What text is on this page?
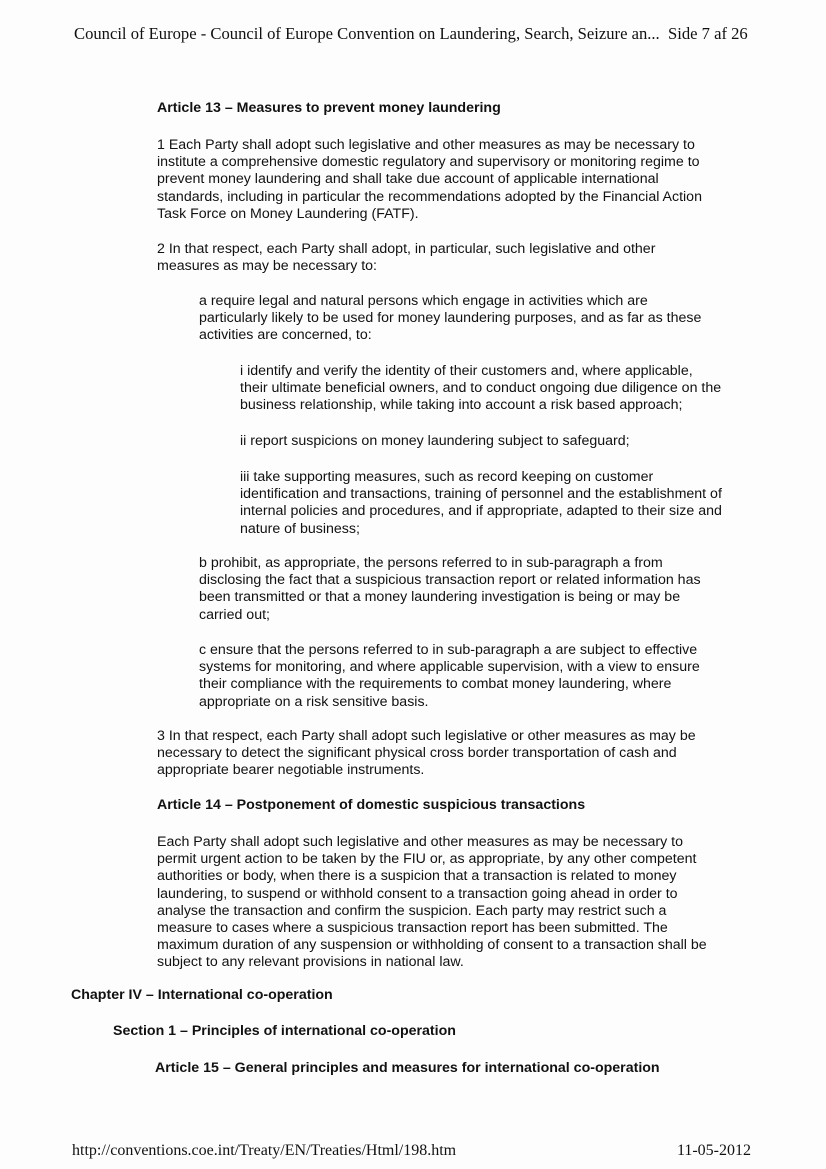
Council of Europe - Council of Europe Convention on Laundering, Search, Seizure an... Side 7 af 26
Article 13 – Measures to prevent money laundering
1 Each Party shall adopt such legislative and other measures as may be necessary to
institute a comprehensive domestic regulatory and supervisory or monitoring regime to
prevent money laundering and shall take due account of applicable international
standards, including in particular the recommendations adopted by the Financial Action
Task Force on Money Laundering (FATF).
2 In that respect, each Party shall adopt, in particular, such legislative and other
measures as may be necessary to:
a require legal and natural persons which engage in activities which are
particularly likely to be used for money laundering purposes, and as far as these
activities are concerned, to:
i identify and verify the identity of their customers and, where applicable,
their ultimate beneficial owners, and to conduct ongoing due diligence on the
business relationship, while taking into account a risk based approach;
ii report suspicions on money laundering subject to safeguard;
iii take supporting measures, such as record keeping on customer
identification and transactions, training of personnel and the establishment of
internal policies and procedures, and if appropriate, adapted to their size and
nature of business;
b prohibit, as appropriate, the persons referred to in sub-paragraph a from
disclosing the fact that a suspicious transaction report or related information has
been transmitted or that a money laundering investigation is being or may be
carried out;
c ensure that the persons referred to in sub-paragraph a are subject to effective
systems for monitoring, and where applicable supervision, with a view to ensure
their compliance with the requirements to combat money laundering, where
appropriate on a risk sensitive basis.
3 In that respect, each Party shall adopt such legislative or other measures as may be
necessary to detect the significant physical cross border transportation of cash and
appropriate bearer negotiable instruments.
Article 14 – Postponement of domestic suspicious transactions
Each Party shall adopt such legislative and other measures as may be necessary to
permit urgent action to be taken by the FIU or, as appropriate, by any other competent
authorities or body, when there is a suspicion that a transaction is related to money
laundering, to suspend or withhold consent to a transaction going ahead in order to
analyse the transaction and confirm the suspicion. Each party may restrict such a
measure to cases where a suspicious transaction report has been submitted. The
maximum duration of any suspension or withholding of consent to a transaction shall be
subject to any relevant provisions in national law.
Chapter IV – International co-operation
Section 1 – Principles of international co-operation
Article 15 – General principles and measures for international co-operation
http://conventions.coe.int/Treaty/EN/Treaties/Html/198.htm	11-05-2012
